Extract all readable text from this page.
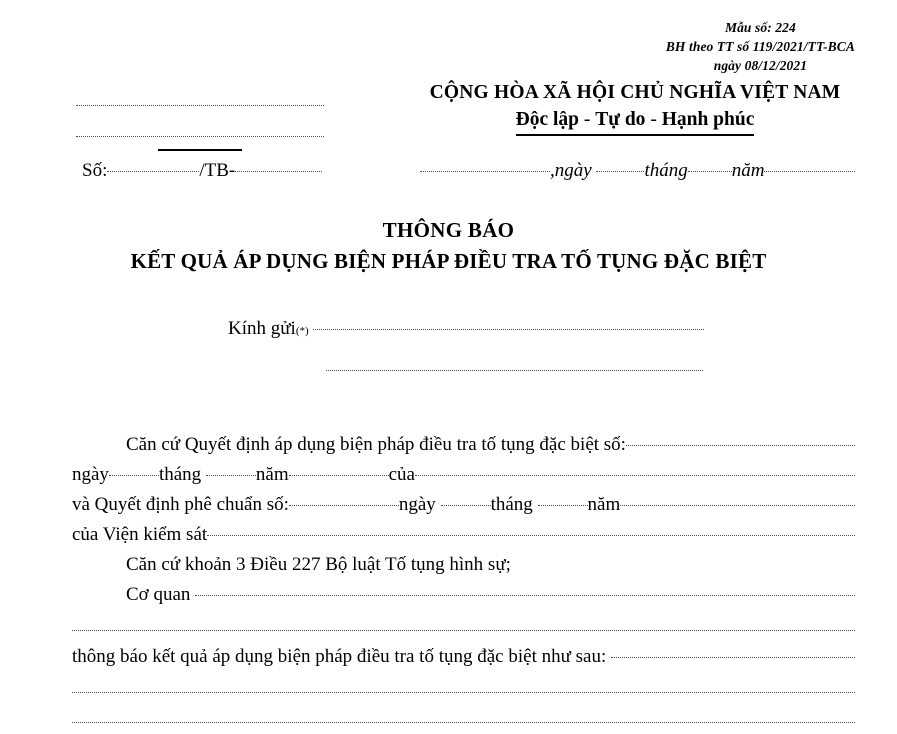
Mẫu số: 224
BH theo TT số 119/2021/TT-BCA
ngày 08/12/2021
Số:	/TB-
CỘNG HÒA XÃ HỘI CHỦ NGHĨA VIỆT NAM
Độc lập - Tự do - Hạnh phúc
, ngày	tháng năm
THÔNG BÁO
KẾT QUẢ ÁP DỤNG BIỆN PHÁP ĐIỀU TRA TỐ TỤNG ĐẶC BIỆT
Kính gửi (*)
Căn cứ Quyết định áp dụng biện pháp điều tra tố tụng đặc biệt số:
ngày	tháng	năm	của
và Quyết định phê chuẩn số:	ngày	tháng	năm
của Viện kiểm sát
Căn cứ khoản 3 Điều 227 Bộ luật Tố tụng hình sự;
Cơ quan
thông báo kết quả áp dụng biện pháp điều tra tố tụng đặc biệt như sau:
